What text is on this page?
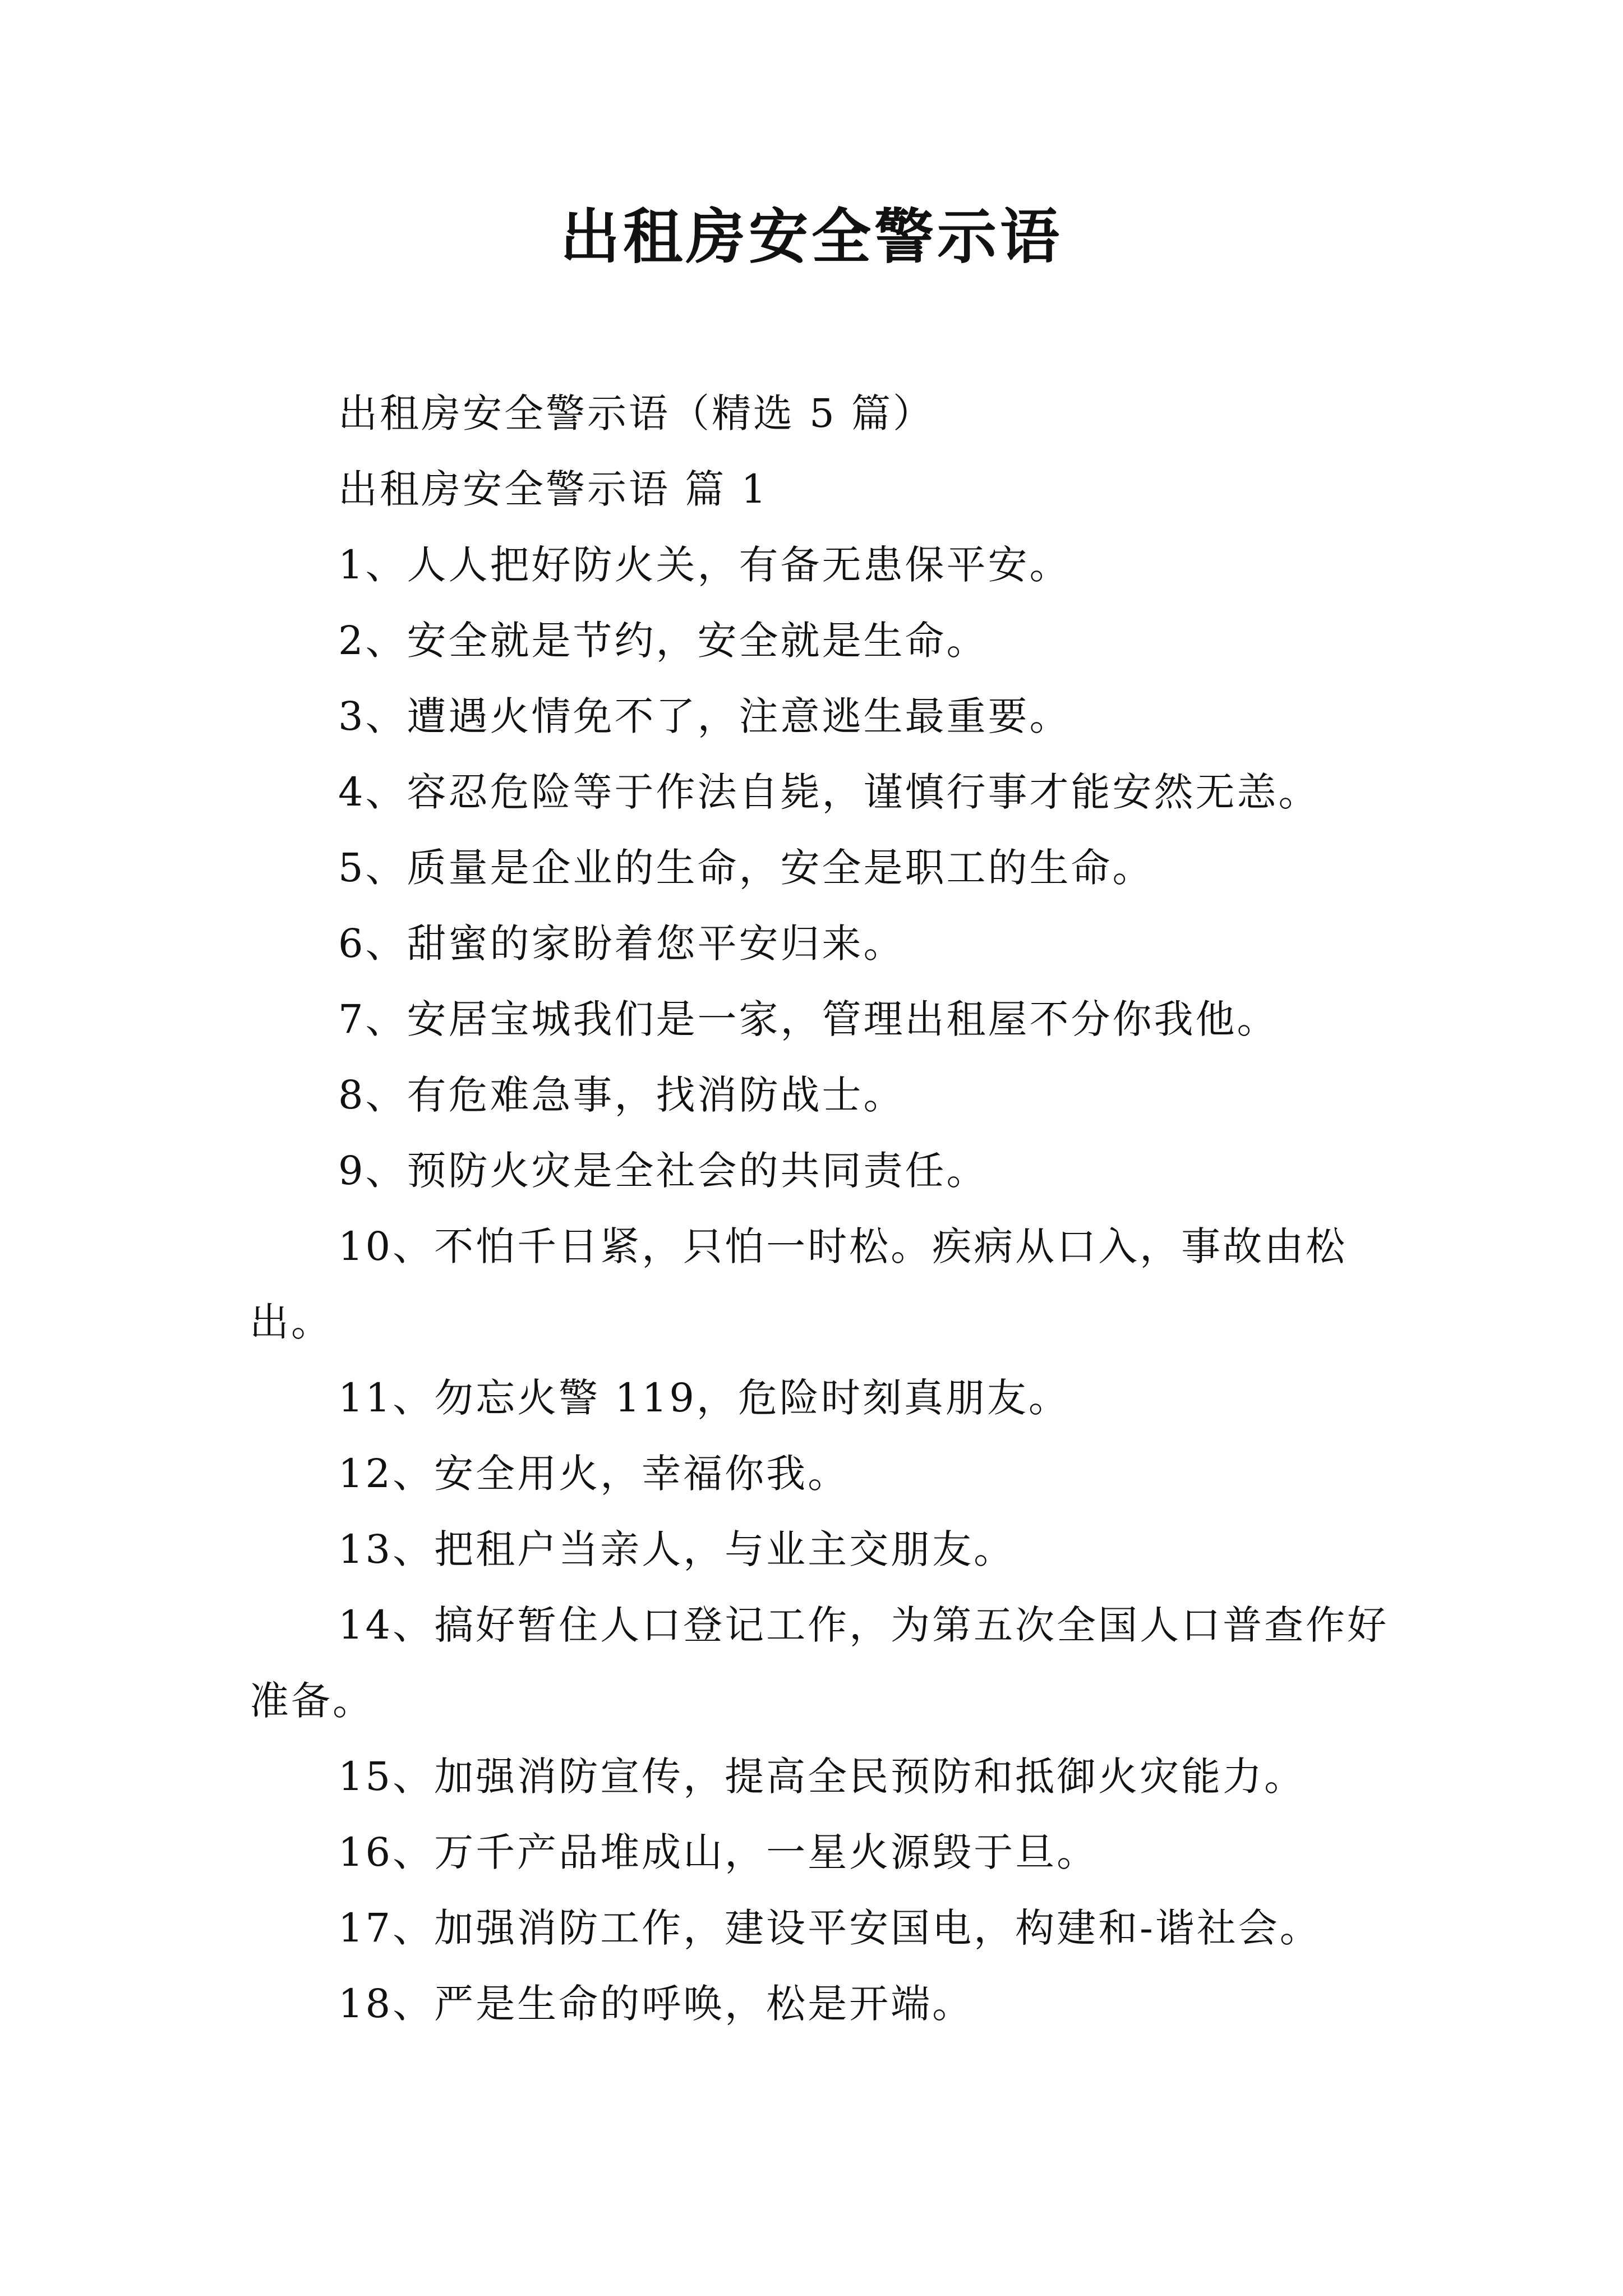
出租房安全警示语
出租房安全警示语（精选 5 篇）
出租房安全警示语 篇 1
1、人人把好防火关，有备无患保平安。
2、安全就是节约，安全就是生命。
3、遭遇火情免不了，注意逃生最重要。
4、容忍危险等于作法自毙，谨慎行事才能安然无恙。
5、质量是企业的生命，安全是职工的生命。
6、甜蜜的家盼着您平安归来。
7、安居宝城我们是一家，管理出租屋不分你我他。
8、有危难急事，找消防战士。
9、预防火灾是全社会的共同责任。
10、不怕千日紧，只怕一时松。疾病从口入，事故由松出。
11、勿忘火警 119，危险时刻真朋友。
12、安全用火，幸福你我。
13、把租户当亲人，与业主交朋友。
14、搞好暂住人口登记工作，为第五次全国人口普查作好准备。
15、加强消防宣传，提高全民预防和抵御火灾能力。
16、万千产品堆成山，一星火源毁于旦。
17、加强消防工作，建设平安国电，构建和-谐社会。
18、严是生命的呼唤，松是开端。
